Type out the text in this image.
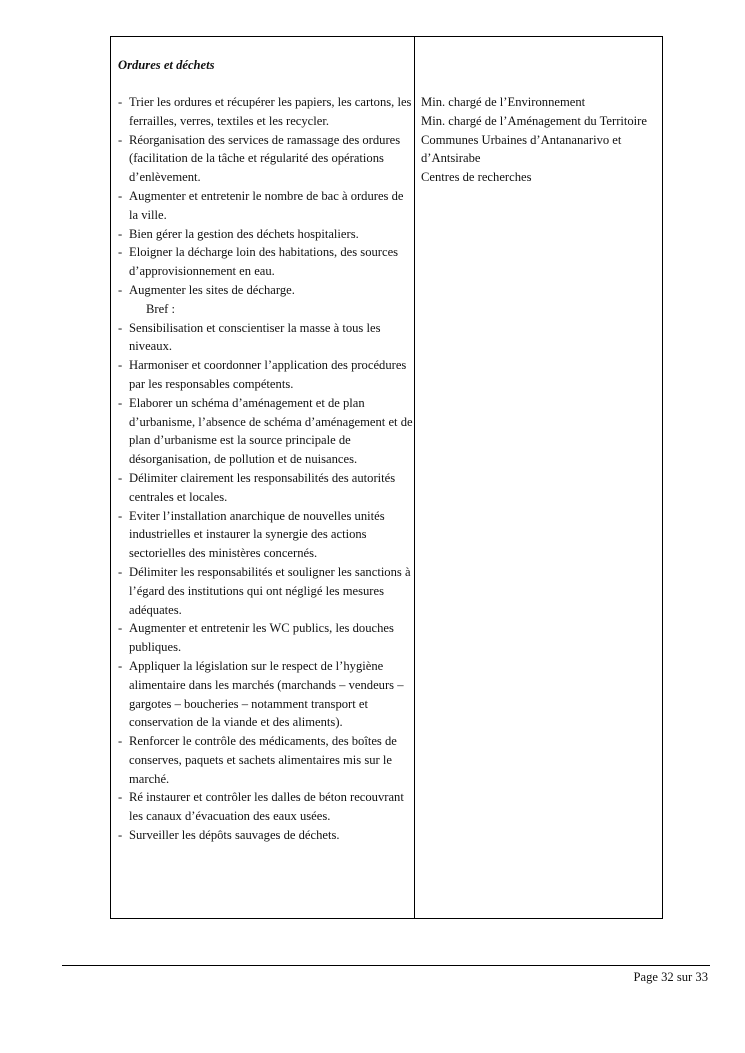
Ordures et déchets
- Trier les ordures et récupérer les papiers, les cartons, les ferrailles, verres, textiles et les recycler.
- Réorganisation des services de ramassage des ordures (facilitation de la tâche et régularité des opérations d’enlèvement.
- Augmenter et entretenir le nombre de bac à ordures de la ville.
- Bien gérer la gestion des déchets hospitaliers.
- Eloigner la décharge loin des habitations, des sources d’approvisionnement en eau.
- Augmenter les sites de décharge.
Bref :
- Sensibilisation et conscientiser la masse à tous les niveaux.
- Harmoniser et coordonner l’application des procédures par les responsables compétents.
- Elaborer un schéma d’aménagement et de plan d’urbanisme, l’absence de schéma d’aménagement et de plan d’urbanisme est la source principale de désorganisation, de pollution et de nuisances.
- Délimiter clairement les responsabilités des autorités centrales et locales.
- Eviter l’installation anarchique de nouvelles unités industrielles et instaurer la synergie des actions sectorielles des ministères concernés.
- Délimiter les responsabilités et souligner les sanctions à l’égard des institutions qui ont négligé les mesures adéquates.
- Augmenter et entretenir les WC publics, les douches publiques.
- Appliquer la législation sur le respect de l’hygiène alimentaire dans les marchés (marchands – vendeurs – gargotes – boucheries – notamment transport et conservation de la viande et des aliments).
- Renforcer le contrôle des médicaments, des boîtes de conserves, paquets et sachets alimentaires mis sur le marché.
- Ré instaurer et contrôler les dalles de béton recouvrant les canaux d’évacuation des eaux usées.
- Surveiller les dépôts sauvages de déchets.
Min. chargé de l’Environnement
Min. chargé de l’Aménagement du Territoire
Communes Urbaines d’Antananarivo et d’Antsirabe
Centres de recherches
Page 32 sur 33
